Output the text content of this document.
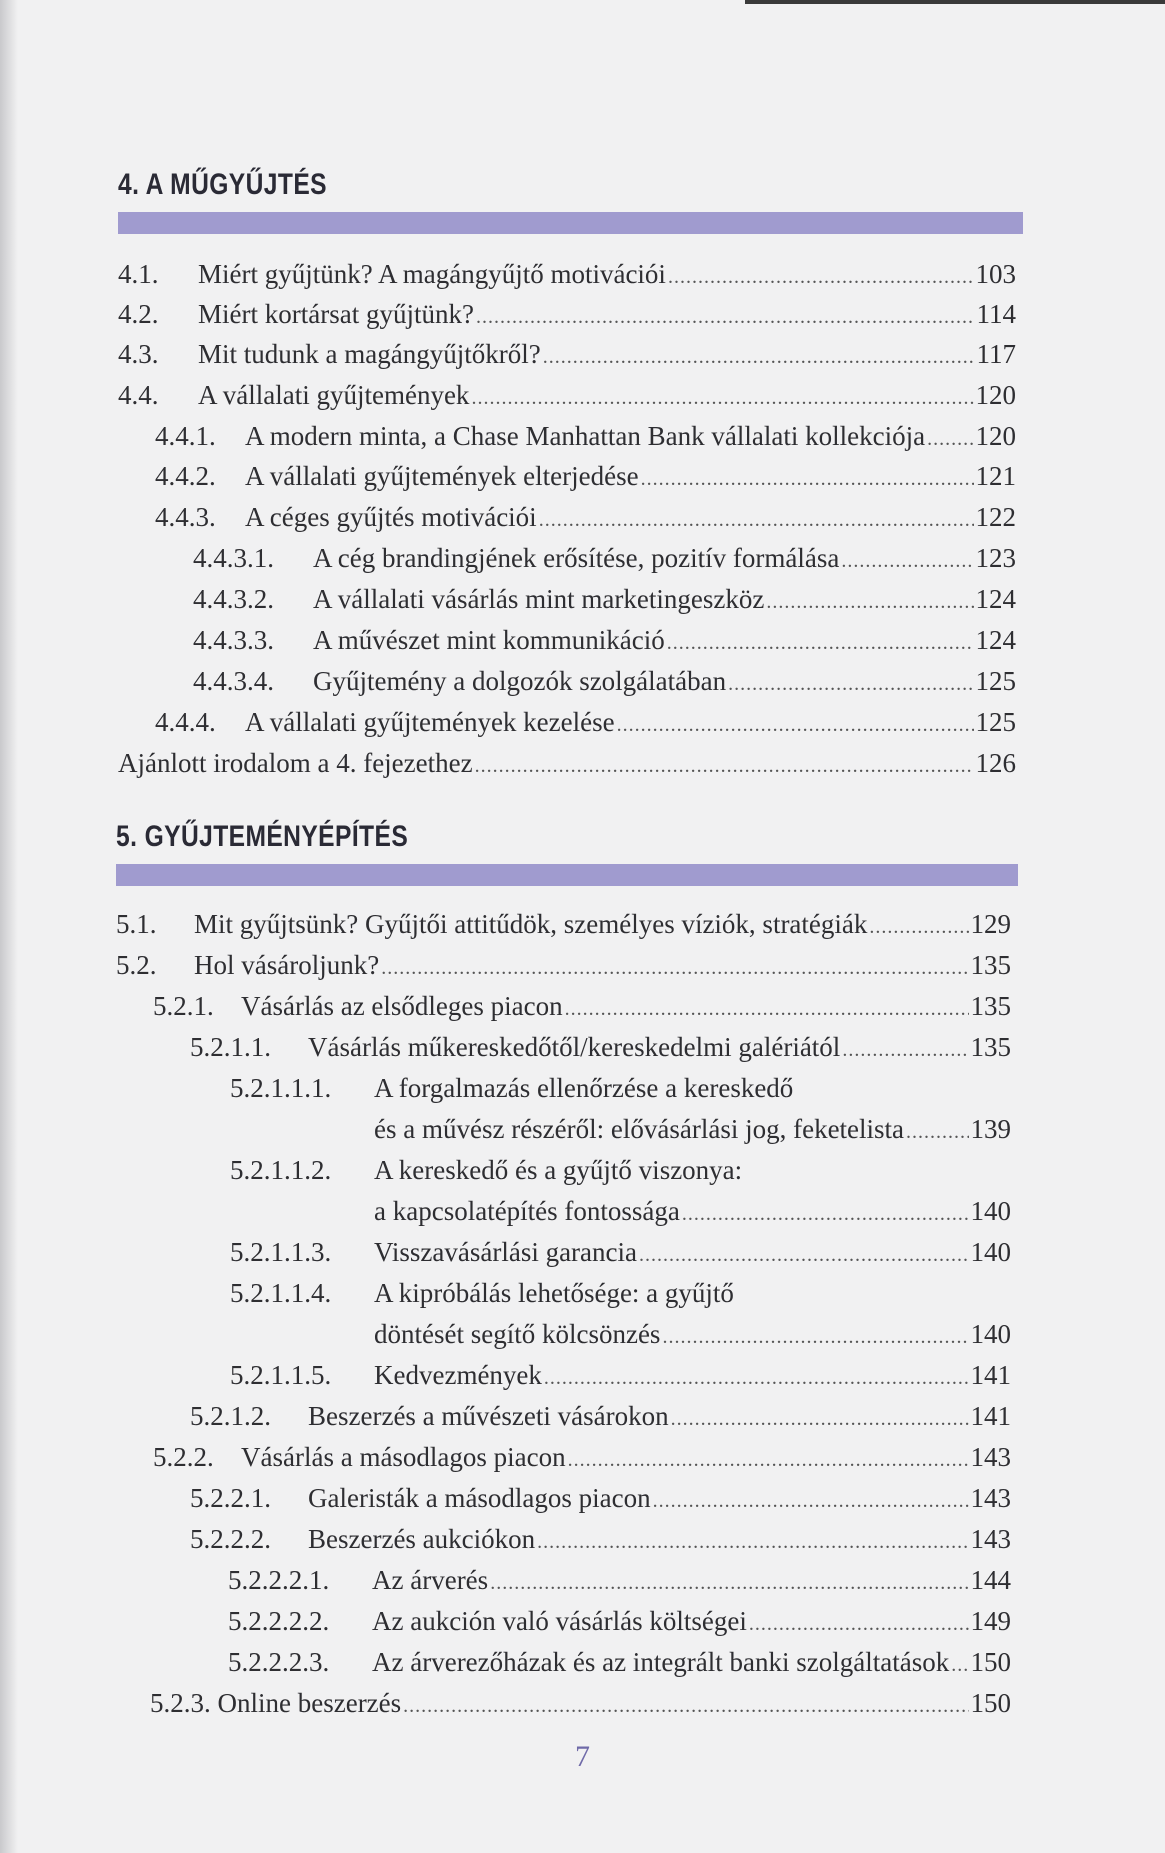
4. A MŰGYŰJTÉS
4.1.	Miért gyűjtünk? A magángyűjtő motivációi .....	103
4.2.	Miért kortársat gyűjtünk? .....	114
4.3.	Mit tudunk a magángyűjtőkről? .....	117
4.4.	A vállalati gyűjtemények .....	120
4.4.1.	A modern minta, a Chase Manhattan Bank vállalati kollekciója ..... 120
4.4.2.	A vállalati gyűjtemények elterjedése .....	121
4.4.3.	A céges gyűjtés motivációi .....	122
4.4.3.1.	A cég brandingjének erősítése, pozitív formálása .....	123
4.4.3.2.	A vállalati vásárlás mint marketingeszköz .....	124
4.4.3.3.	A művészet mint kommunikáció .....	124
4.4.3.4.	Gyűjtemény a dolgozók szolgálatában .....	125
4.4.4.	A vállalati gyűjtemények kezelése .....	125
Ajánlott irodalom a 4. fejezethez .....	126
5. GYŰJTEMÉNYÉPÍTÉS
5.1.	Mit gyűjtsünk? Gyűjtői attitűdök, személyes víziók, stratégiák .....	129
5.2.	Hol vásároljunk? .....	135
5.2.1.	Vásárlás az elsődleges piacon .....	135
5.2.1.1.	Vásárlás műkereskedőtől/kereskedelmi galériától .....	135
5.2.1.1.1.	A forgalmazás ellenőrzése a kereskedő
és a művész részéről: elővásárlási jog, feketelista ..... 139
5.2.1.1.2.	A kereskedő és a gyűjtő viszonya:
a kapcsolatépítés fontossága .....	140
5.2.1.1.3.	Visszavásárlási garancia .....	140
5.2.1.1.4.	A kipróbálás lehetősége: a gyűjtő
döntését segítő kölcsönzés .....	140
5.2.1.1.5.	Kedvezmények .....	141
5.2.1.2.	Beszerzés a művészeti vásárokon .....	141
5.2.2.	Vásárlás a másodlagos piacon .....	143
5.2.2.1.	Galeristák a másodlagos piacon .....	143
5.2.2.2.	Beszerzés aukciókon .....	143
5.2.2.2.1.	Az árverés .....	144
5.2.2.2.2.	Az aukción való vásárlás költségei .....	149
5.2.2.2.3.	Az árverezőházak és az integrált banki szolgáltatások ..... 150
5.2.3. Online beszerzés .....	150
7
